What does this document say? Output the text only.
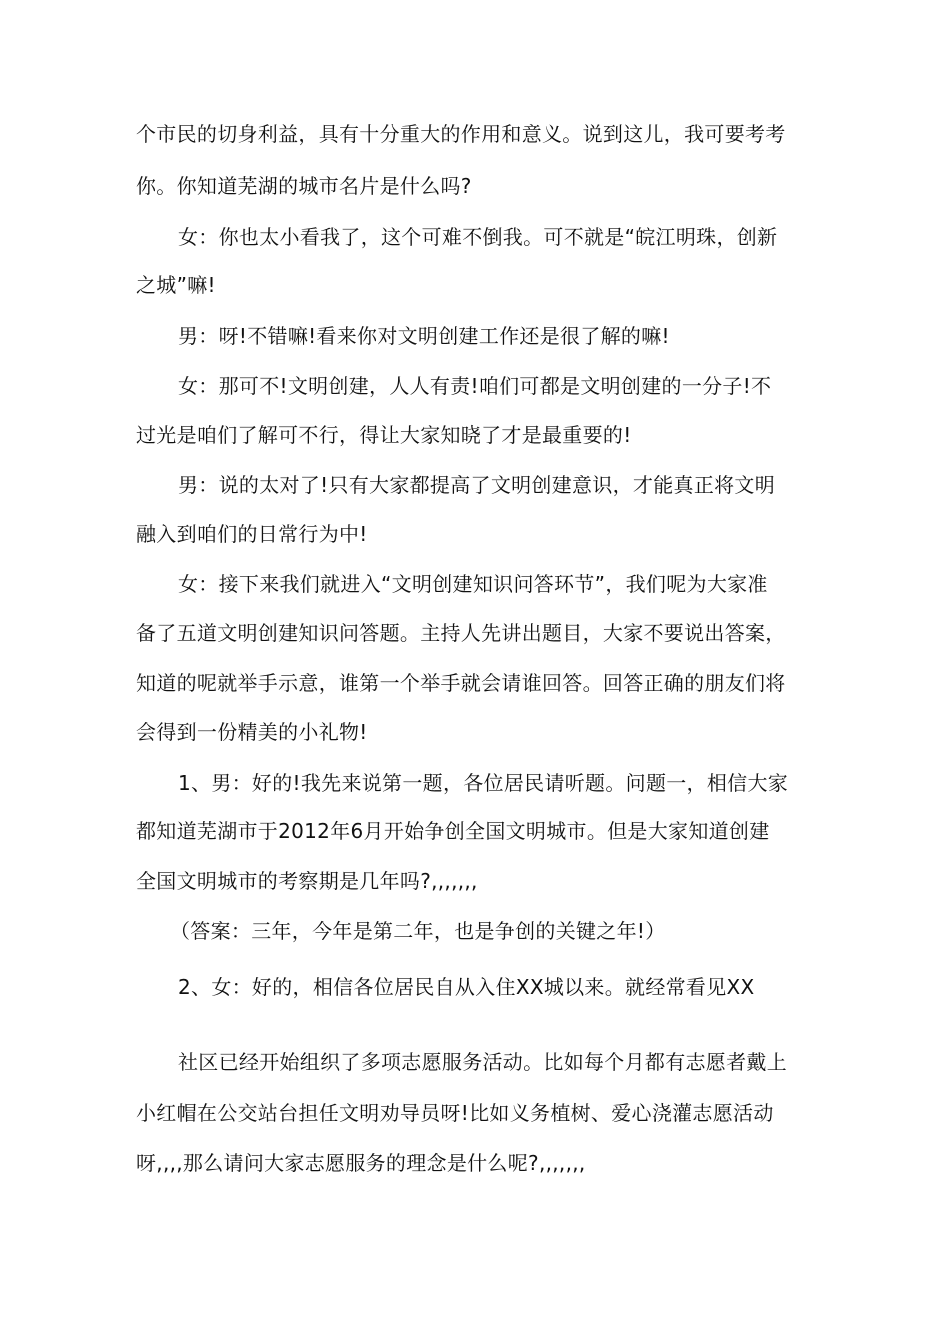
个市民的切身利益，具有十分重大的作用和意义。说到这儿，我可要考考
你。你知道芜湖的城市名片是什么吗?
女：你也太小看我了，这个可难不倒我。可不就是“皖江明珠，创新
之城”嘛!
男：呀!不错嘛!看来你对文明创建工作还是很了解的嘛!
女：那可不!文明创建，人人有责!咱们可都是文明创建的一分子!不
过光是咱们了解可不行，得让大家知晓了才是最重要的!
男：说的太对了!只有大家都提高了文明创建意识，才能真正将文明
融入到咱们的日常行为中!
女：接下来我们就进入“文明创建知识问答环节”，我们呢为大家准
备了五道文明创建知识问答题。主持人先讲出题目，大家不要说出答案，
知道的呢就举手示意，谁第一个举手就会请谁回答。回答正确的朋友们将
会得到一份精美的小礼物!
1、男：好的!我先来说第一题，各位居民请听题。问题一，相信大家
都知道芜湖市于2012年6月开始争创全国文明城市。但是大家知道创建
全国文明城市的考察期是几年吗?,,,,,,,
（答案：三年，今年是第二年，也是争创的关键之年!）
2、女：好的，相信各位居民自从入住XX城以来。就经常看见XX
社区已经开始组织了多项志愿服务活动。比如每个月都有志愿者戴上
小红帽在公交站台担任文明劝导员呀!比如义务植树、爱心浇灌志愿活动
呀,,,,那么请问大家志愿服务的理念是什么呢?,,,,,,,
